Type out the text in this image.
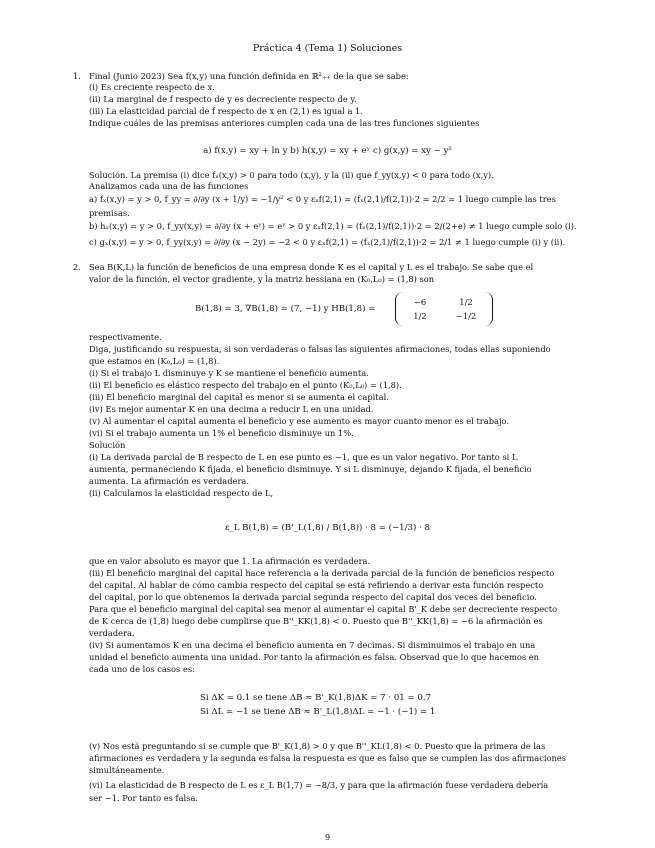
Práctica 4 (Tema 1) Soluciones
1. Final (Junio 2023) Sea f(x,y) una función definida en ℝ²₊₊ de la que se sabe:
(i) Es creciente respecto de x.
(ii) La marginal de f respecto de y es decreciente respecto de y.
(iii) La elasticidad parcial de f respecto de x en (2,1) es igual a 1.
Indique cuáles de las premisas anteriores cumplen cada una de las tres funciones siguientes
a) f(x,y) = xy + ln y b) h(x,y) = xy + eʸ c) g(x,y) = xy − y²
Solución. La premisa (i) dice fₓ(x,y) > 0 para todo (x,y), y la (ii) que f_yy(x,y) < 0 para todo (x,y).
Analizamos cada una de las funciones
a) fₓ(x,y) = y > 0, f_yy = ∂/∂y (x + 1/y) = −1/y² < 0 y εₓf(2,1) = (fₓ(2,1)/f(2,1))·2 = 2/2 = 1 luego cumple las tres
premisas.
b) hₓ(x,y) = y > 0, f_yy(x,y) = ∂/∂y (x + eʸ) = eʸ > 0 y εₓf(2,1) = (fₓ(2,1)/f(2,1))·2 = 2/(2+e) ≠ 1 luego cumple solo (i).
c) gₓ(x,y) = y > 0, f_yy(x,y) = ∂/∂y (x − 2y) = −2 < 0 y εₓf(2,1) = (fₓ(2,1)/f(2,1))·2 = 2/1 ≠ 1 luego cumple (i) y (ii).
2. Sea B(K,L) la función de beneficios de una empresa donde K es el capital y L es el trabajo. Se sabe que el
valor de la función, el vector gradiente, y la matriz hessiana en (K₀,L₀) = (1,8) son
B(1,8) = 3, ∇B(1,8) = (7, −1) y HB(1,8) =
−6	1/2
1/2	−1/2
respectivamente.
Diga, justificando su respuesta, si son verdaderas o falsas las siguientes afirmaciones, todas ellas suponiendo
que estamos en (K₀,L₀) = (1,8).
(i) Si el trabajo L disminuye y K se mantiene el beneficio aumenta.
(ii) El beneficio es elástico respecto del trabajo en el punto (K₀,L₀) = (1,8).
(iii) El beneficio marginal del capital es menor si se aumenta el capital.
(iv) Es mejor aumentar K en una decima a reducir L en una unidad.
(v) Al aumentar el capital aumenta el beneficio y ese aumento es mayor cuanto menor es el trabajo.
(vi) Si el trabajo aumenta un 1% el beneficio disminuye un 1%.
Solución
(i) La derivada parcial de B respecto de L en ese punto es −1, que es un valor negativo. Por tanto si L
aumenta, permaneciendo K fijada, el beneficio disminuye. Y si L disminuye, dejando K fijada, el beneficio
aumenta. La afirmación es verdadera.
(ii) Calculamos la elasticidad respecto de L,
ε_L B(1,8) = (B'_L(1,8) / B(1,8)) · 8 = (−1/3) · 8
que en valor absoluto es mayor que 1. La afirmación es verdadera.
(iii) El beneficio marginal del capital hace referencia a la derivada parcial de la función de beneficios respecto
del capital. Al hablar de cómo cambia respecto del capital se está refiriendo a derivar esta función respecto
del capital, por lo que obtenemos la derivada parcial segunda respecto del capital dos veces del beneficio.
Para que el beneficio marginal del capital sea menor al aumentar el capital B'_K debe ser decreciente respecto
de K cerca de (1,8) luego debe cumplirse que B''_KK(1,8) < 0. Puesto que B''_KK(1,8) = −6 la afirmación es
verdadera.
(iv) Si aumentamos K en una decima el beneficio aumenta en 7 decimas. Si disminuimos el trabajo en una
unidad el beneficio aumenta una unidad. Por tanto la afirmación es falsa. Observad que lo que hacemos en
cada uno de los casos es:
Si ΔK = 0.1 se tiene ΔB ≈ B'_K(1,8)ΔK = 7 · 01 = 0.7
Si ΔL = −1 se tiene ΔB ≈ B'_L(1,8)ΔL = −1 · (−1) = 1
(v) Nos está preguntando si se cumple que B'_K(1,8) > 0 y que B''_KL(1,8) < 0. Puesto que la primera de las
afirmaciones es verdadera y la segunda es falsa la respuesta es que es falso que se cumplen las dos afirmaciones
simultáneamente.
(vi) La elasticidad de B respecto de L es ε_L B(1,7) = −8/3, y para que la afirmación fuese verdadera debería
ser −1. Por tanto es falsa.
9
